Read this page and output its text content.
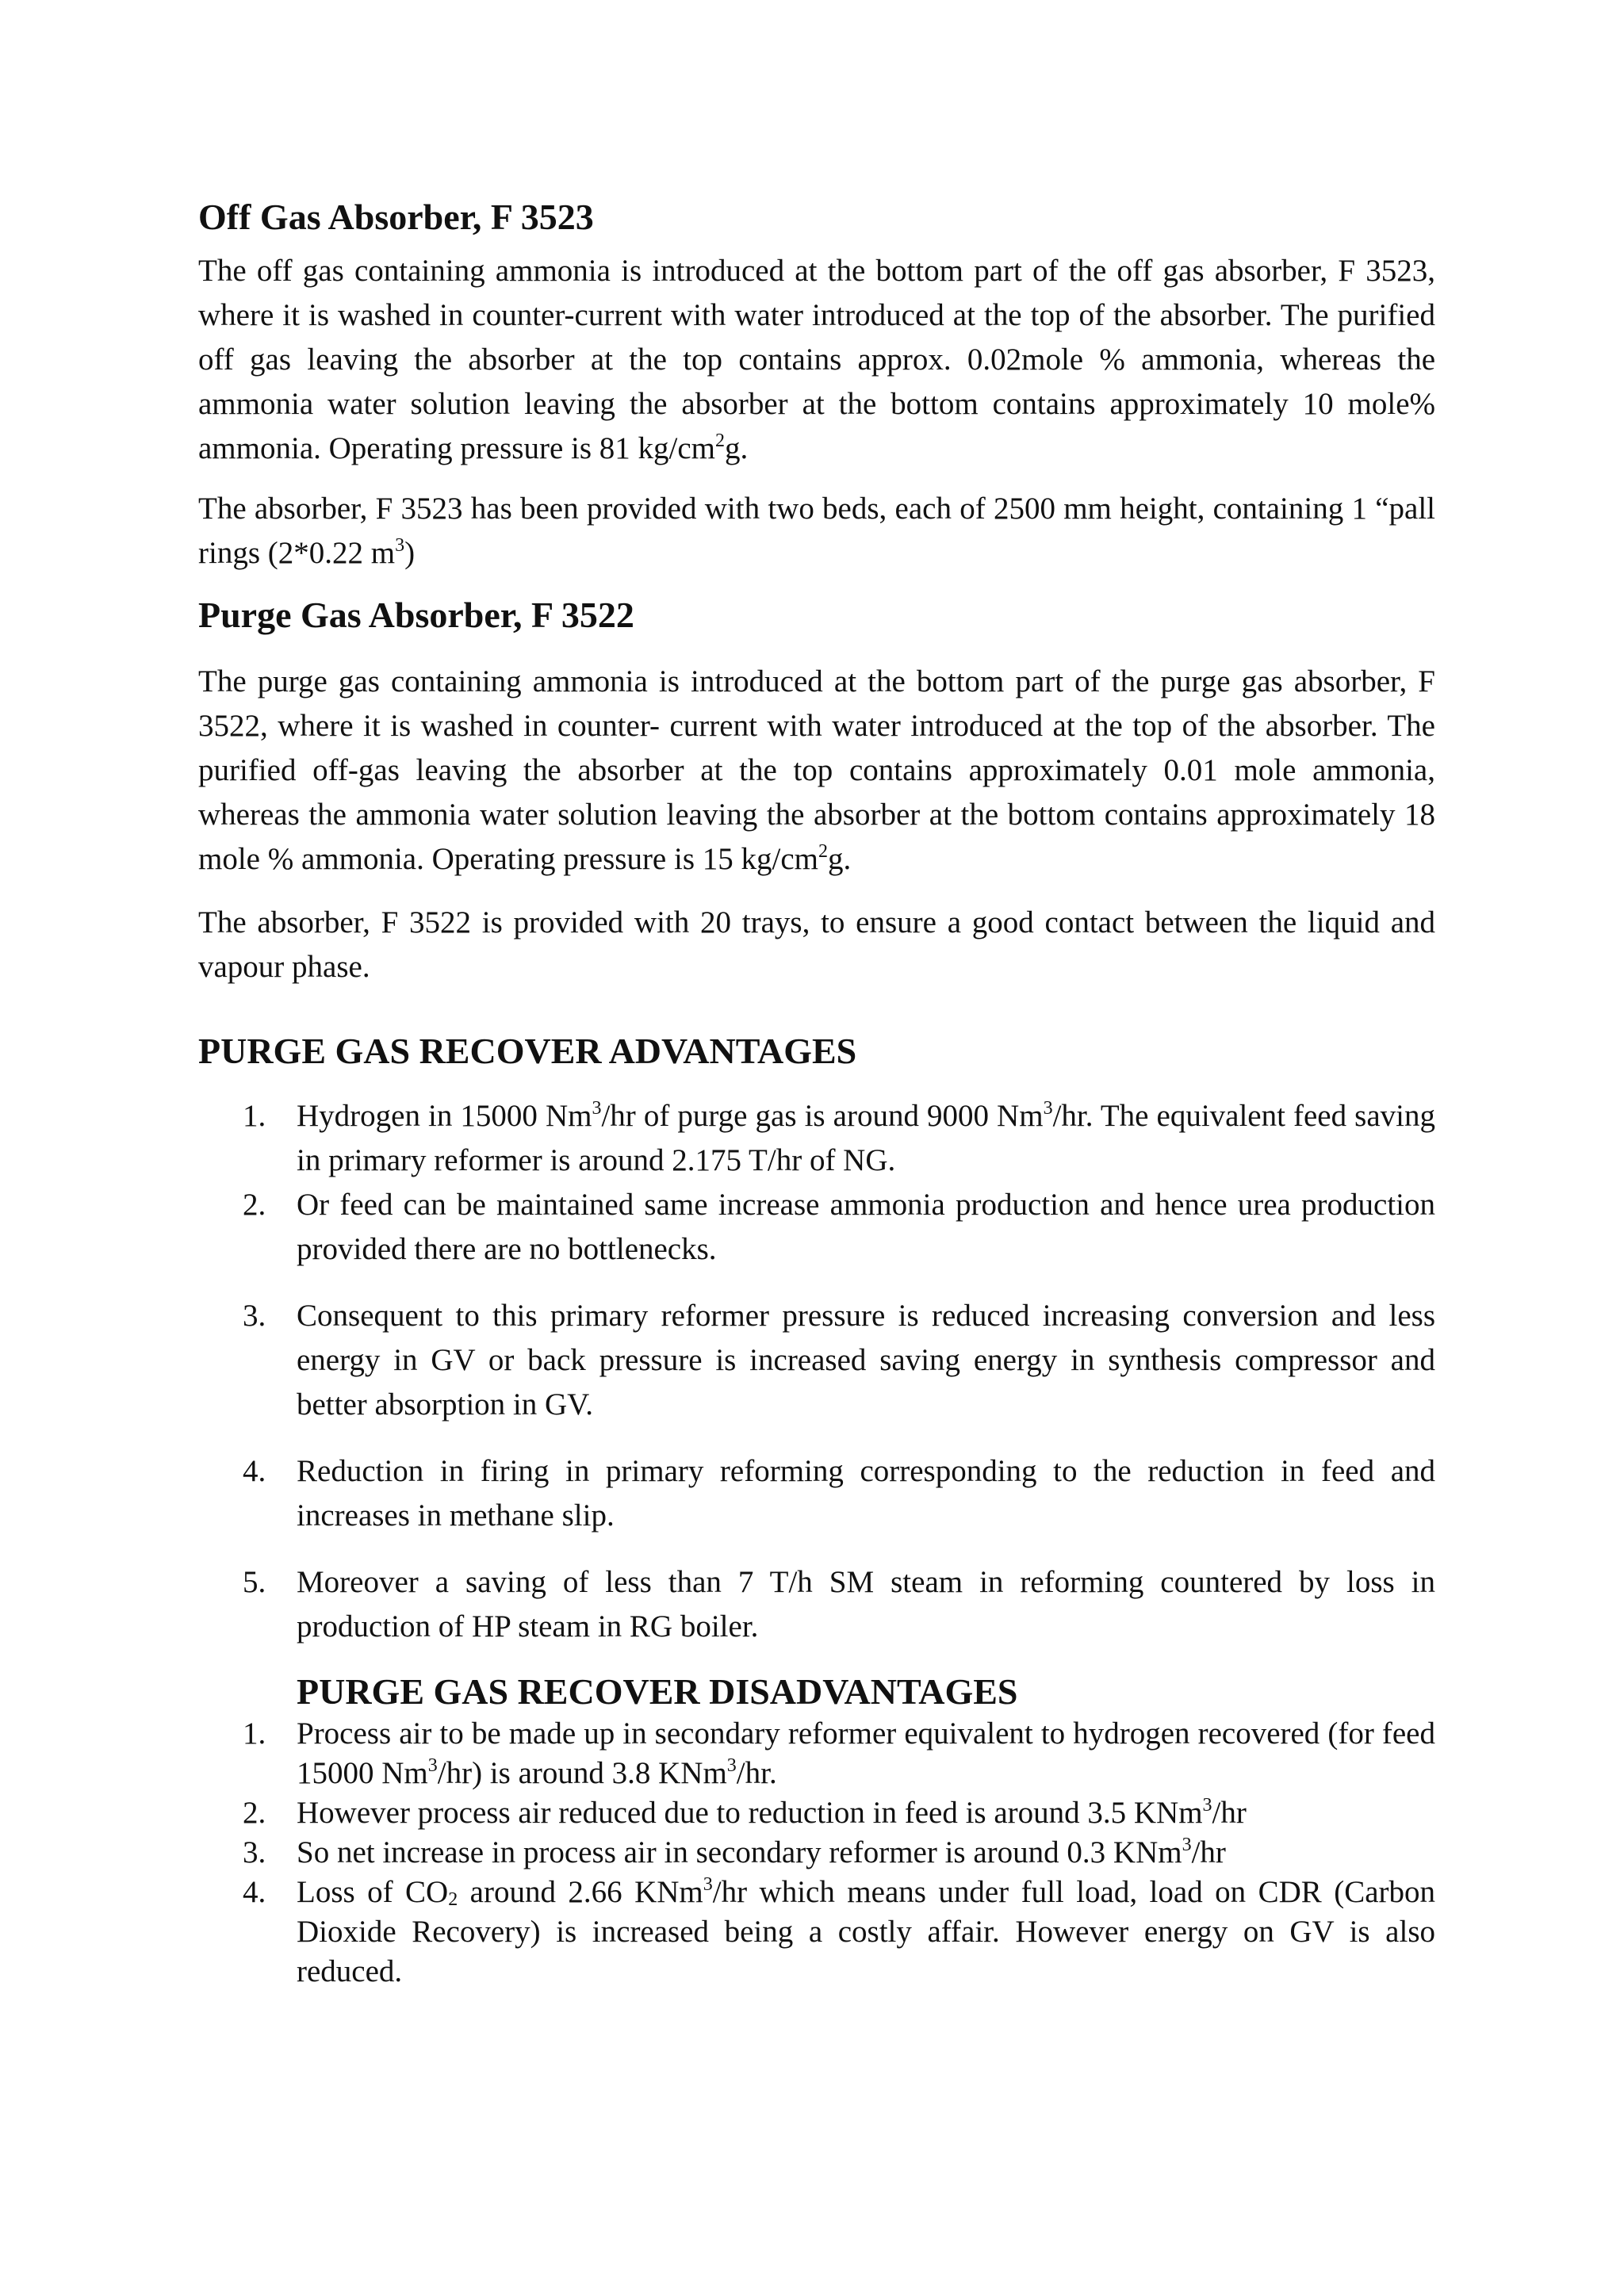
Off Gas Absorber, F 3523

The off gas containing ammonia is introduced at the bottom part of the off gas absorber, F 3523, where it is washed in counter-current with water introduced at the top of the absorber. The purified off gas leaving the absorber at the top contains approx. 0.02mole % ammonia, whereas the ammonia water solution leaving the absorber at the bottom contains approximately 10 mole% ammonia. Operating pressure is 81 $kg/cm^2g$.

The absorber, F 3523 has been provided with two beds, each of 2500 mm height, containing 1 “pall rings (2*0.22 $m^3$)

Purge Gas Absorber, F 3522

The purge gas containing ammonia is introduced at the bottom part of the purge gas absorber, F 3522, where it is washed in counter- current with water introduced at the top of the absorber. The purified off-gas leaving the absorber at the top contains approximately 0.01 mole ammonia, whereas the ammonia water solution leaving the absorber at the bottom contains approximately 18 mole % ammonia. Operating pressure is 15 $kg/cm^2g$.

The absorber, F 3522 is provided with 20 trays, to ensure a good contact between the liquid and vapour phase.

PURGE GAS RECOVER ADVANTAGES
1. Hydrogen in 15000 Nm$^3$/hr of purge gas is around 9000 Nm$^3$/hr. The equivalent feed saving in primary reformer is around 2.175 T/hr of NG.
2. Or feed can be maintained same increase ammonia production and hence urea production provided there are no bottlenecks.
3. Consequent to this primary reformer pressure is reduced increasing conversion and less energy in GV or back pressure is increased saving energy in synthesis compressor and better absorption in GV.
4. Reduction in firing in primary reforming corresponding to the reduction in feed and increases in methane slip.
5. Moreover a saving of less than 7 T/h SM steam in reforming countered by loss in production of HP steam in RG boiler.
PURGE GAS RECOVER DISADVANTAGES
1. Process air to be made up in secondary reformer equivalent to hydrogen recovered (for feed 15000 Nm$^3$/hr) is around 3.8 KNm$^3$/hr.
2. However process air reduced due to reduction in feed is around 3.5 KNm$^3$/hr
3. So net increase in process air in secondary reformer is around 0.3 KNm$^3$/hr
4. Loss of $CO_2$ around 2.66 KNm$^3$/hr which means under full load, load on CDR (Carbon Dioxide Recovery) is increased being a costly affair. However energy on GV is also reduced.
